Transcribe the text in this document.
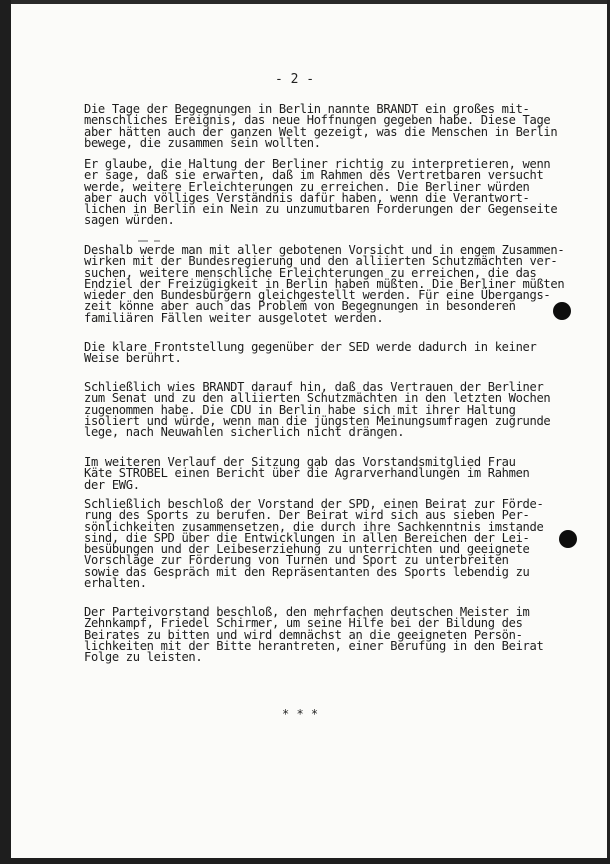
- 2 -
Die Tage der Begegnungen in Berlin nannte BRANDT ein großes mit-
menschliches Ereignis, das neue Hoffnungen gegeben habe. Diese Tage
aber hätten auch der ganzen Welt gezeigt, was die Menschen in Berlin
bewege, die zusammen sein wollten.
Er glaube, die Haltung der Berliner richtig zu interpretieren, wenn
er sage, daß sie erwarten, daß im Rahmen des Vertretbaren versucht
werde, weitere Erleichterungen zu erreichen. Die Berliner würden
aber auch völliges Verständnis dafür haben, wenn die Verantwort-
lichen in Berlin ein Nein zu unzumutbaren Forderungen der Gegenseite
sagen würden.
Deshalb werde man mit aller gebotenen Vorsicht und in engem Zusammen-
wirken mit der Bundesregierung und den alliierten Schutzmächten ver-
suchen, weitere menschliche Erleichterungen zu erreichen, die das
Endziel der Freizügigkeit in Berlin haben müßten. Die Berliner müßten
wieder den Bundesbürgern gleichgestellt werden. Für eine Übergangs-
zeit könne aber auch das Problem von Begegnungen in besonderen
familiären Fällen weiter ausgelotet werden.
Die klare Frontstellung gegenüber der SED werde dadurch in keiner
Weise berührt.
Schließlich wies BRANDT darauf hin, daß das Vertrauen der Berliner
zum Senat und zu den alliierten Schutzmächten in den letzten Wochen
zugenommen habe. Die CDU in Berlin habe sich mit ihrer Haltung
isoliert und würde, wenn man die jüngsten Meinungsumfragen zugrunde
lege, nach Neuwahlen sicherlich nicht drängen.
Im weiteren Verlauf der Sitzung gab das Vorstandsmitglied Frau
Käte STROBEL einen Bericht über die Agrarverhandlungen im Rahmen
der EWG.
Schließlich beschloß der Vorstand der SPD, einen Beirat zur Förde-
rung des Sports zu berufen. Der Beirat wird sich aus sieben Per-
sönlichkeiten zusammensetzen, die durch ihre Sachkenntnis imstande
sind, die SPD über die Entwicklungen in allen Bereichen der Lei-
besübungen und der Leibeserziehung zu unterrichten und geeignete
Vorschläge zur Förderung von Turnen und Sport zu unterbreiten
sowie das Gespräch mit den Repräsentanten des Sports lebendig zu
erhalten.
Der Parteivorstand beschloß, den mehrfachen deutschen Meister im
Zehnkampf, Friedel Schirmer, um seine Hilfe bei der Bildung des
Beirates zu bitten und wird demnächst an die geeigneten Persön-
lichkeiten mit der Bitte herantreten, einer Berufung in den Beirat
Folge zu leisten.
* * *
